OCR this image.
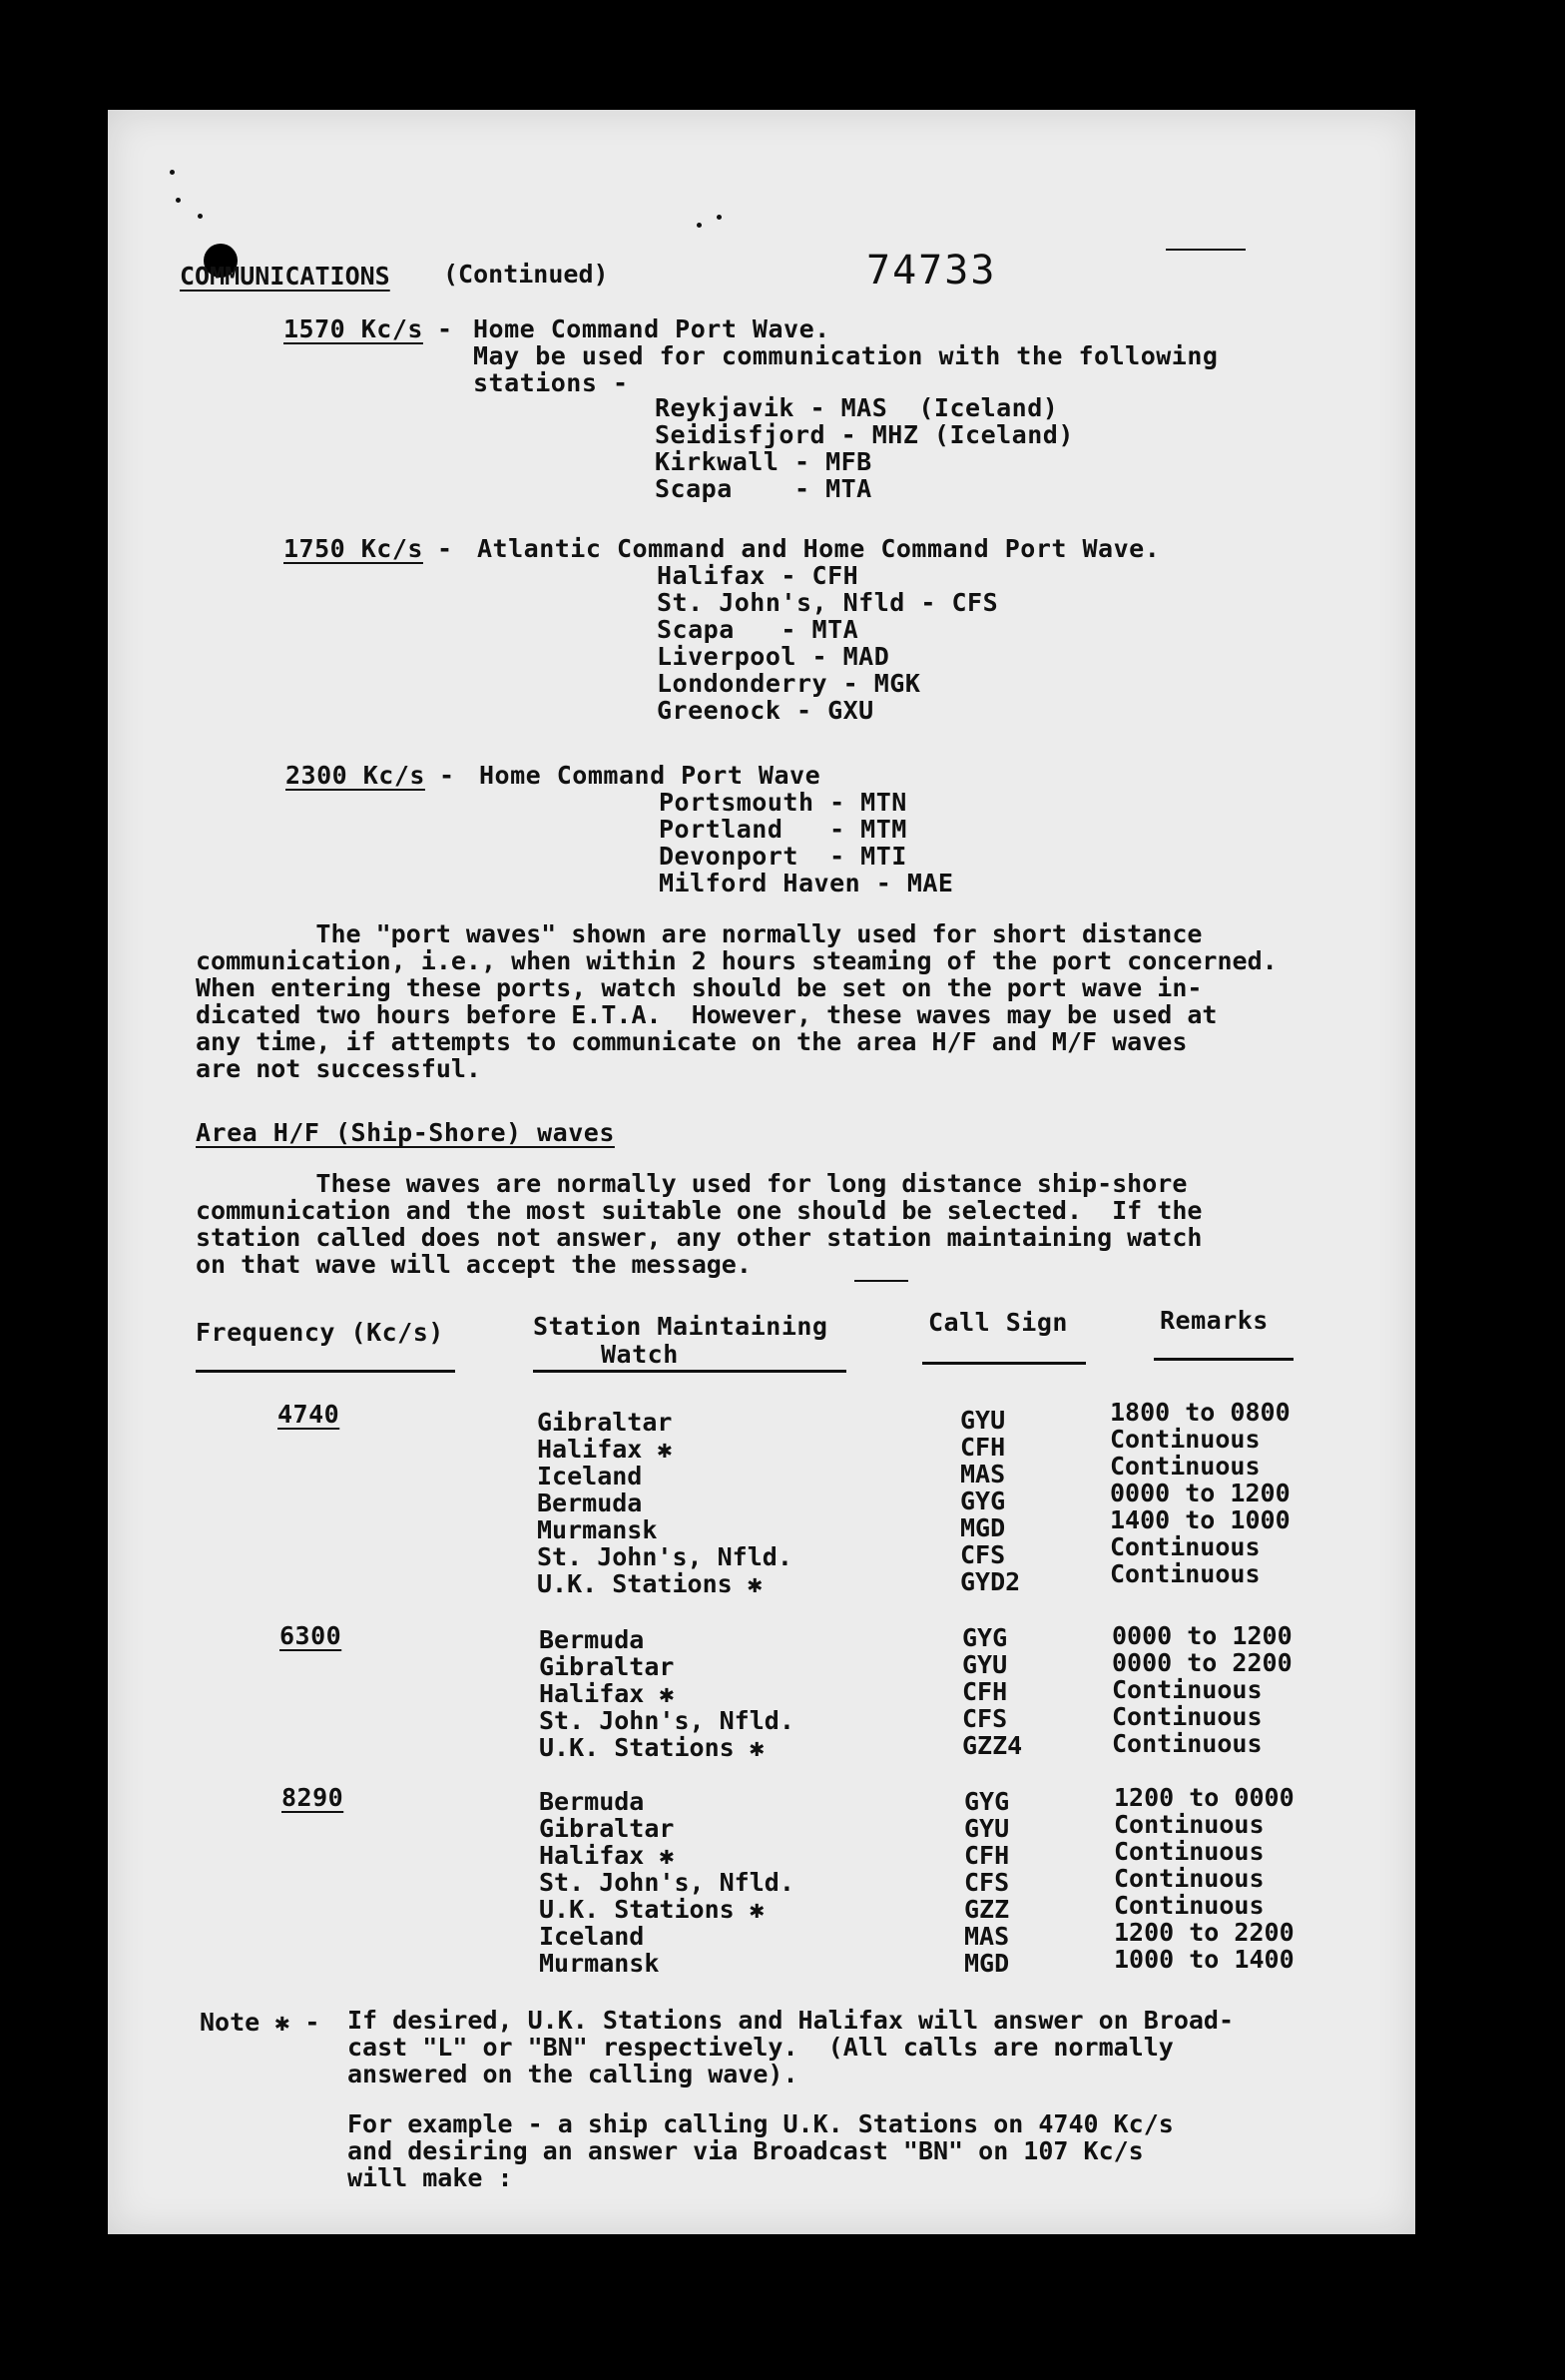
COMMUNICATIONS (Continued)	74733
1570 Kc/s - Home Command Port Wave.
May be used for communication with the following
stations -
Reykjavik - MAS  (Iceland)
Seidisfjord - MHZ (Iceland)
Kirkwall - MFB
Scapa    - MTA
1750 Kc/s - Atlantic Command and Home Command Port Wave.
Halifax - CFH
St. John's, Nfld - CFS
Scapa   - MTA
Liverpool - MAD
Londonderry - MGK
Greenock - GXU
2300 Kc/s - Home Command Port Wave
Portsmouth - MTN
Portland   - MTM
Devonport  - MTI
Milford Haven - MAE
The "port waves" shown are normally used for short distance
communication, i.e., when within 2 hours steaming of the port concerned.
When entering these ports, watch should be set on the port wave in-
dicated two hours before E.T.A.  However, these waves may be used at
any time, if attempts to communicate on the area H/F and M/F waves
are not successful.
Area H/F (Ship-Shore) waves
These waves are normally used for long distance ship-shore
communication and the most suitable one should be selected.  If the
station called does not answer, any other station maintaining watch
on that wave will accept the message.
Frequency (Kc/s)	Station Maintaining
Watch
Call Sign	Remarks
4740	Gibraltar	GYU	1800 to 0800
Halifax ✱	CFH	Continuous
Iceland	MAS	Continuous
Bermuda	GYG	0000 to 1200
Murmansk	MGD	1400 to 1000
St. John's, Nfld.	CFS	Continuous
U.K. Stations ✱	GYD2	Continuous
6300	Bermuda	GYG	0000 to 1200
Gibraltar	GYU	0000 to 2200
Halifax ✱	CFH	Continuous
St. John's, Nfld.	CFS	Continuous
U.K. Stations ✱	GZZ4	Continuous
8290	Bermuda	GYG	1200 to 0000
Gibraltar	GYU	Continuous
Halifax ✱	CFH	Continuous
St. John's, Nfld.	CFS	Continuous
U.K. Stations ✱	GZZ	Continuous
Iceland	MAS	1200 to 2200
Murmansk	MGD	1000 to 1400
Note ✱ - If desired, U.K. Stations and Halifax will answer on Broad-
cast "L" or "BN" respectively.  (All calls are normally
answered on the calling wave).
For example - a ship calling U.K. Stations on 4740 Kc/s
and desiring an answer via Broadcast "BN" on 107 Kc/s
will make :
